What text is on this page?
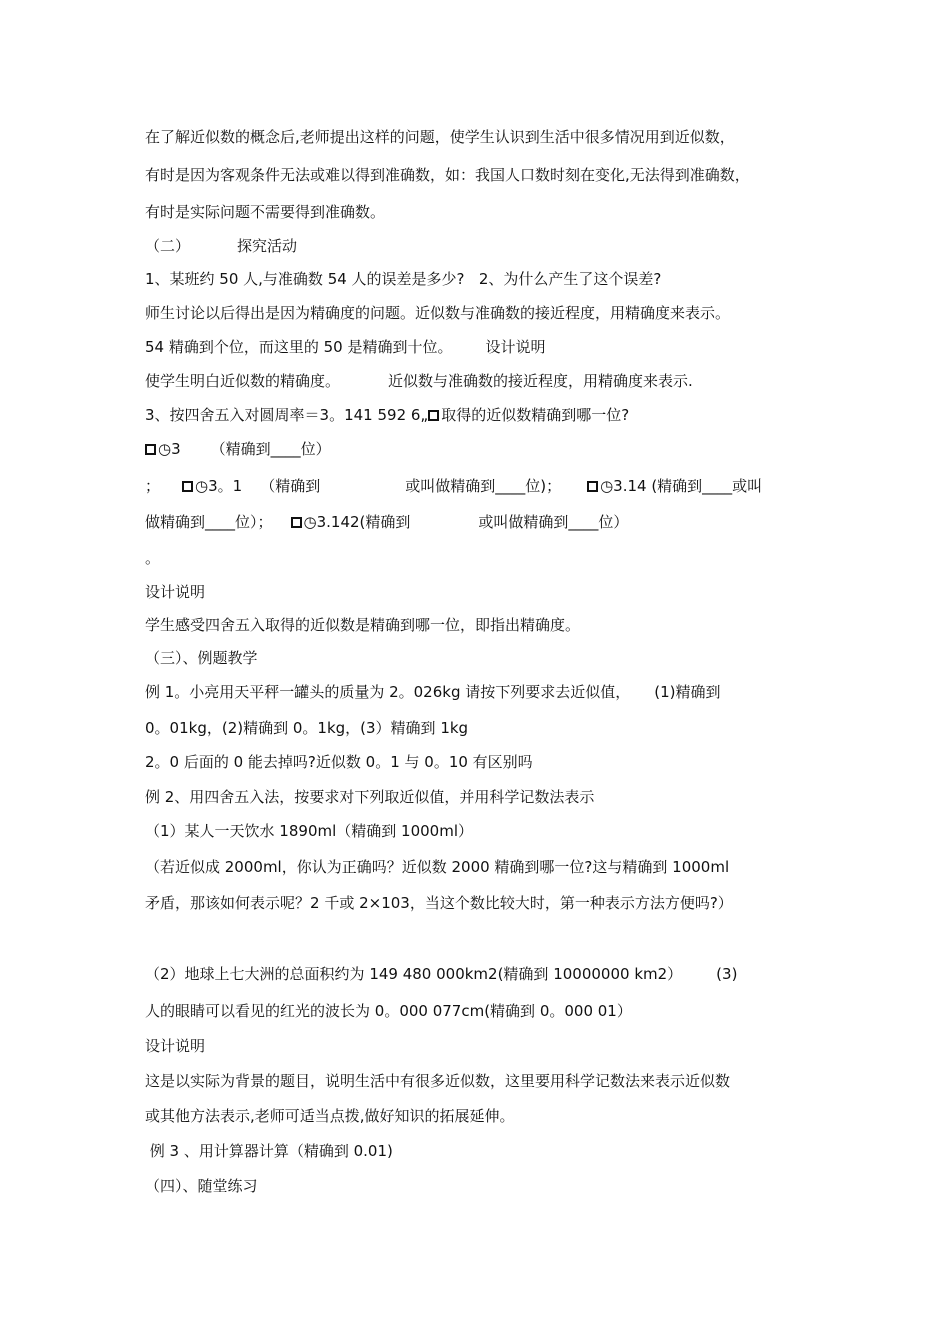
在了解近似数的概念后,老师提出这样的问题，使学生认识到生活中很多情况用到近似数，
有时是因为客观条件无法或难以得到准确数，如：我国人口数时刻在变化,无法得到准确数，
有时是实际问题不需要得到准确数。
（二）	探究活动
1、某班约 50 人,与准确数 54 人的误差是多少?   2、为什么产生了这个误差?
师生讨论以后得出是因为精确度的问题。近似数与准确数的接近程度，用精确度来表示。
54 精确到个位，而这里的 50 是精确到十位。 设计说明
使学生明白近似数的精确度。	近似数与准确数的接近程度，用精确度来表示.
3、按四舍五入对圆周率＝3。141 592 6„ 取得的近似数精确到哪一位?
◷3 （精确到____位）
； ◷3。1 （精确到	或叫做精确到____位)；	◷3.14 (精确到____或叫
做精确到____位）； ◷3.142(精确到	或叫做精确到____位）
。
设计说明
学生感受四舍五入取得的近似数是精确到哪一位，即指出精确度。
（三）、例题教学
例 1。小亮用天平秤一罐头的质量为 2。026kg 请按下列要求去近似值， (1)精确到
0。01kg，(2)精确到 0。1kg，(3）精确到 1kg
2。0 后面的 0 能去掉吗?近似数 0。1 与 0。10 有区别吗
例 2、用四舍五入法，按要求对下列取近似值，并用科学记数法表示
（1）某人一天饮水 1890ml（精确到 1000ml）
（若近似成 2000ml，你认为正确吗？近似数 2000 精确到哪一位?这与精确到 1000ml
矛盾，那该如何表示呢？2 千或 2×103，当这个数比较大时，第一种表示方法方便吗?）
（2）地球上七大洲的总面积约为 149 480 000km2(精确到 10000000 km2） (3)
人的眼睛可以看见的红光的波长为 0。000 077cm(精确到 0。000 01）
设计说明
这是以实际为背景的题目，说明生活中有很多近似数，这里要用科学记数法来表示近似数
或其他方法表示,老师可适当点拨,做好知识的拓展延伸。
例 3 、用计算器计算（精确到 0.01)
（四）、随堂练习
